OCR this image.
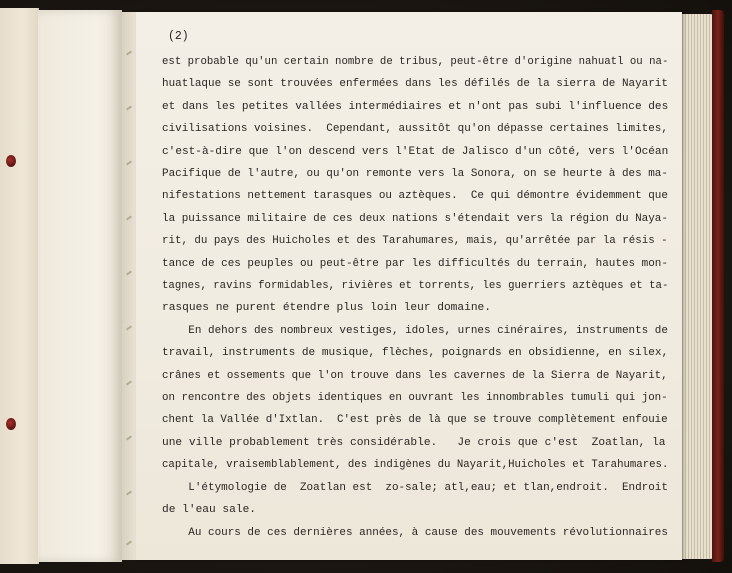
(2)
est probable qu'un certain nombre de tribus, peut-être d'origine nahuatl ou na-
huatlaque se sont trouvées enfermées dans les défilés de la sierra de Nayarit
et dans les petites vallées intermédiaires et n'ont pas subi l'influence des
civilisations voisines.  Cependant, aussitôt qu'on dépasse certaines limites,
c'est-à-dire que l'on descend vers l'Etat de Jalisco d'un côté, vers l'Océan
Pacifique de l'autre, ou qu'on remonte vers la Sonora, on se heurte à des ma-
nifestations nettement tarasques ou aztèques.  Ce qui démontre évidemment que
la puissance militaire de ces deux nations s'étendait vers la région du Naya-
rit, du pays des Huicholes et des Tarahumares, mais, qu'arrêtée par la résis -
tance de ces peuples ou peut-être par les difficultés du terrain, hautes mon-
tagnes, ravins formidables, rivières et torrents, les guerriers aztèques et ta-
rasques ne purent étendre plus loin leur domaine.
En dehors des nombreux vestiges, idoles, urnes cinéraires, instruments de
travail, instruments de musique, flèches, poignards en obsidienne, en silex,
crânes et ossements que l'on trouve dans les cavernes de la Sierra de Nayarit,
on rencontre des objets identiques en ouvrant les innombrables tumuli qui jon-
chent la Vallée d'Ixtlan.  C'est près de là que se trouve complètement enfouie
une ville probablement très considérable.   Je crois que c'est  Zoatlan, la
capitale, vraisemblablement, des indigènes du Nayarit,Huicholes et Tarahumares.
L'étymologie de  Zoatlan est  zo-sale; atl,eau; et tlan,endroit.  Endroit
de l'eau sale.
Au cours de ces dernières années, à cause des mouvements révolutionnaires
